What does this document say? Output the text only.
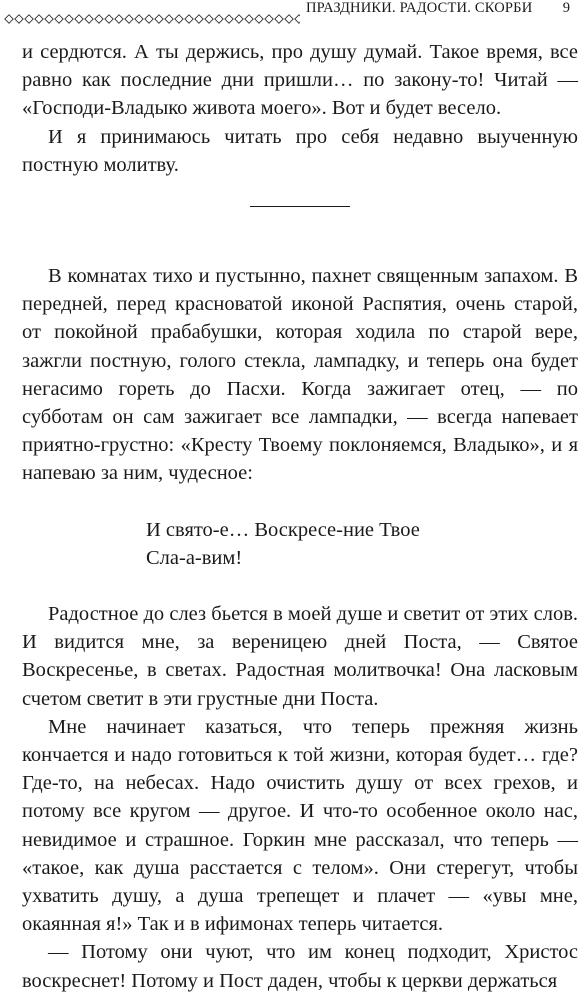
ПРАЗДНИКИ. РАДОСТИ. СКОРБИ 9

и сердются. А ты держись, про душу думай. Такое время, все равно как последние дни пришли… по закону-то! Читай — «Господи-Владыко живота моего». Вот и будет весело.

И я принимаюсь читать про себя недавно выученную постную молитву.

В комнатах тихо и пустынно, пахнет священным запахом. В передней, перед красноватой иконой Распятия, очень старой, от покойной прабабушки, которая ходила по старой вере, зажгли постную, голого стекла, лампадку, и теперь она будет негасимо гореть до Пасхи. Когда зажигает отец, — по субботам он сам зажигает все лампадки, — всегда напевает приятно-грустно: «Кресту Твоему поклоняемся, Владыко», и я напеваю за ним, чудесное:

И свято-е… Воскресе-ние Твое
Сла-а-вим!

Радостное до слез бьется в моей душе и светит от этих слов. И видится мне, за вереницею дней Поста, — Святое Воскресенье, в светах. Радостная молитвочка! Она ласковым счетом светит в эти грустные дни Поста.

Мне начинает казаться, что теперь прежняя жизнь кончается и надо готовиться к той жизни, которая будет… где? Где-то, на небесах. Надо очистить душу от всех грехов, и потому все кругом — другое. И что-то особенное около нас, невидимое и страшное. Горкин мне рассказал, что теперь — «такое, как душа расстается с телом». Они стерегут, чтобы ухватить душу, а душа трепещет и плачет — «увы мне, окаянная я!» Так и в ифимонах теперь читается.

— Потому они чуют, что им конец подходит, Христос воскреснет! Потому и Пост даден, чтобы к церкви держаться
